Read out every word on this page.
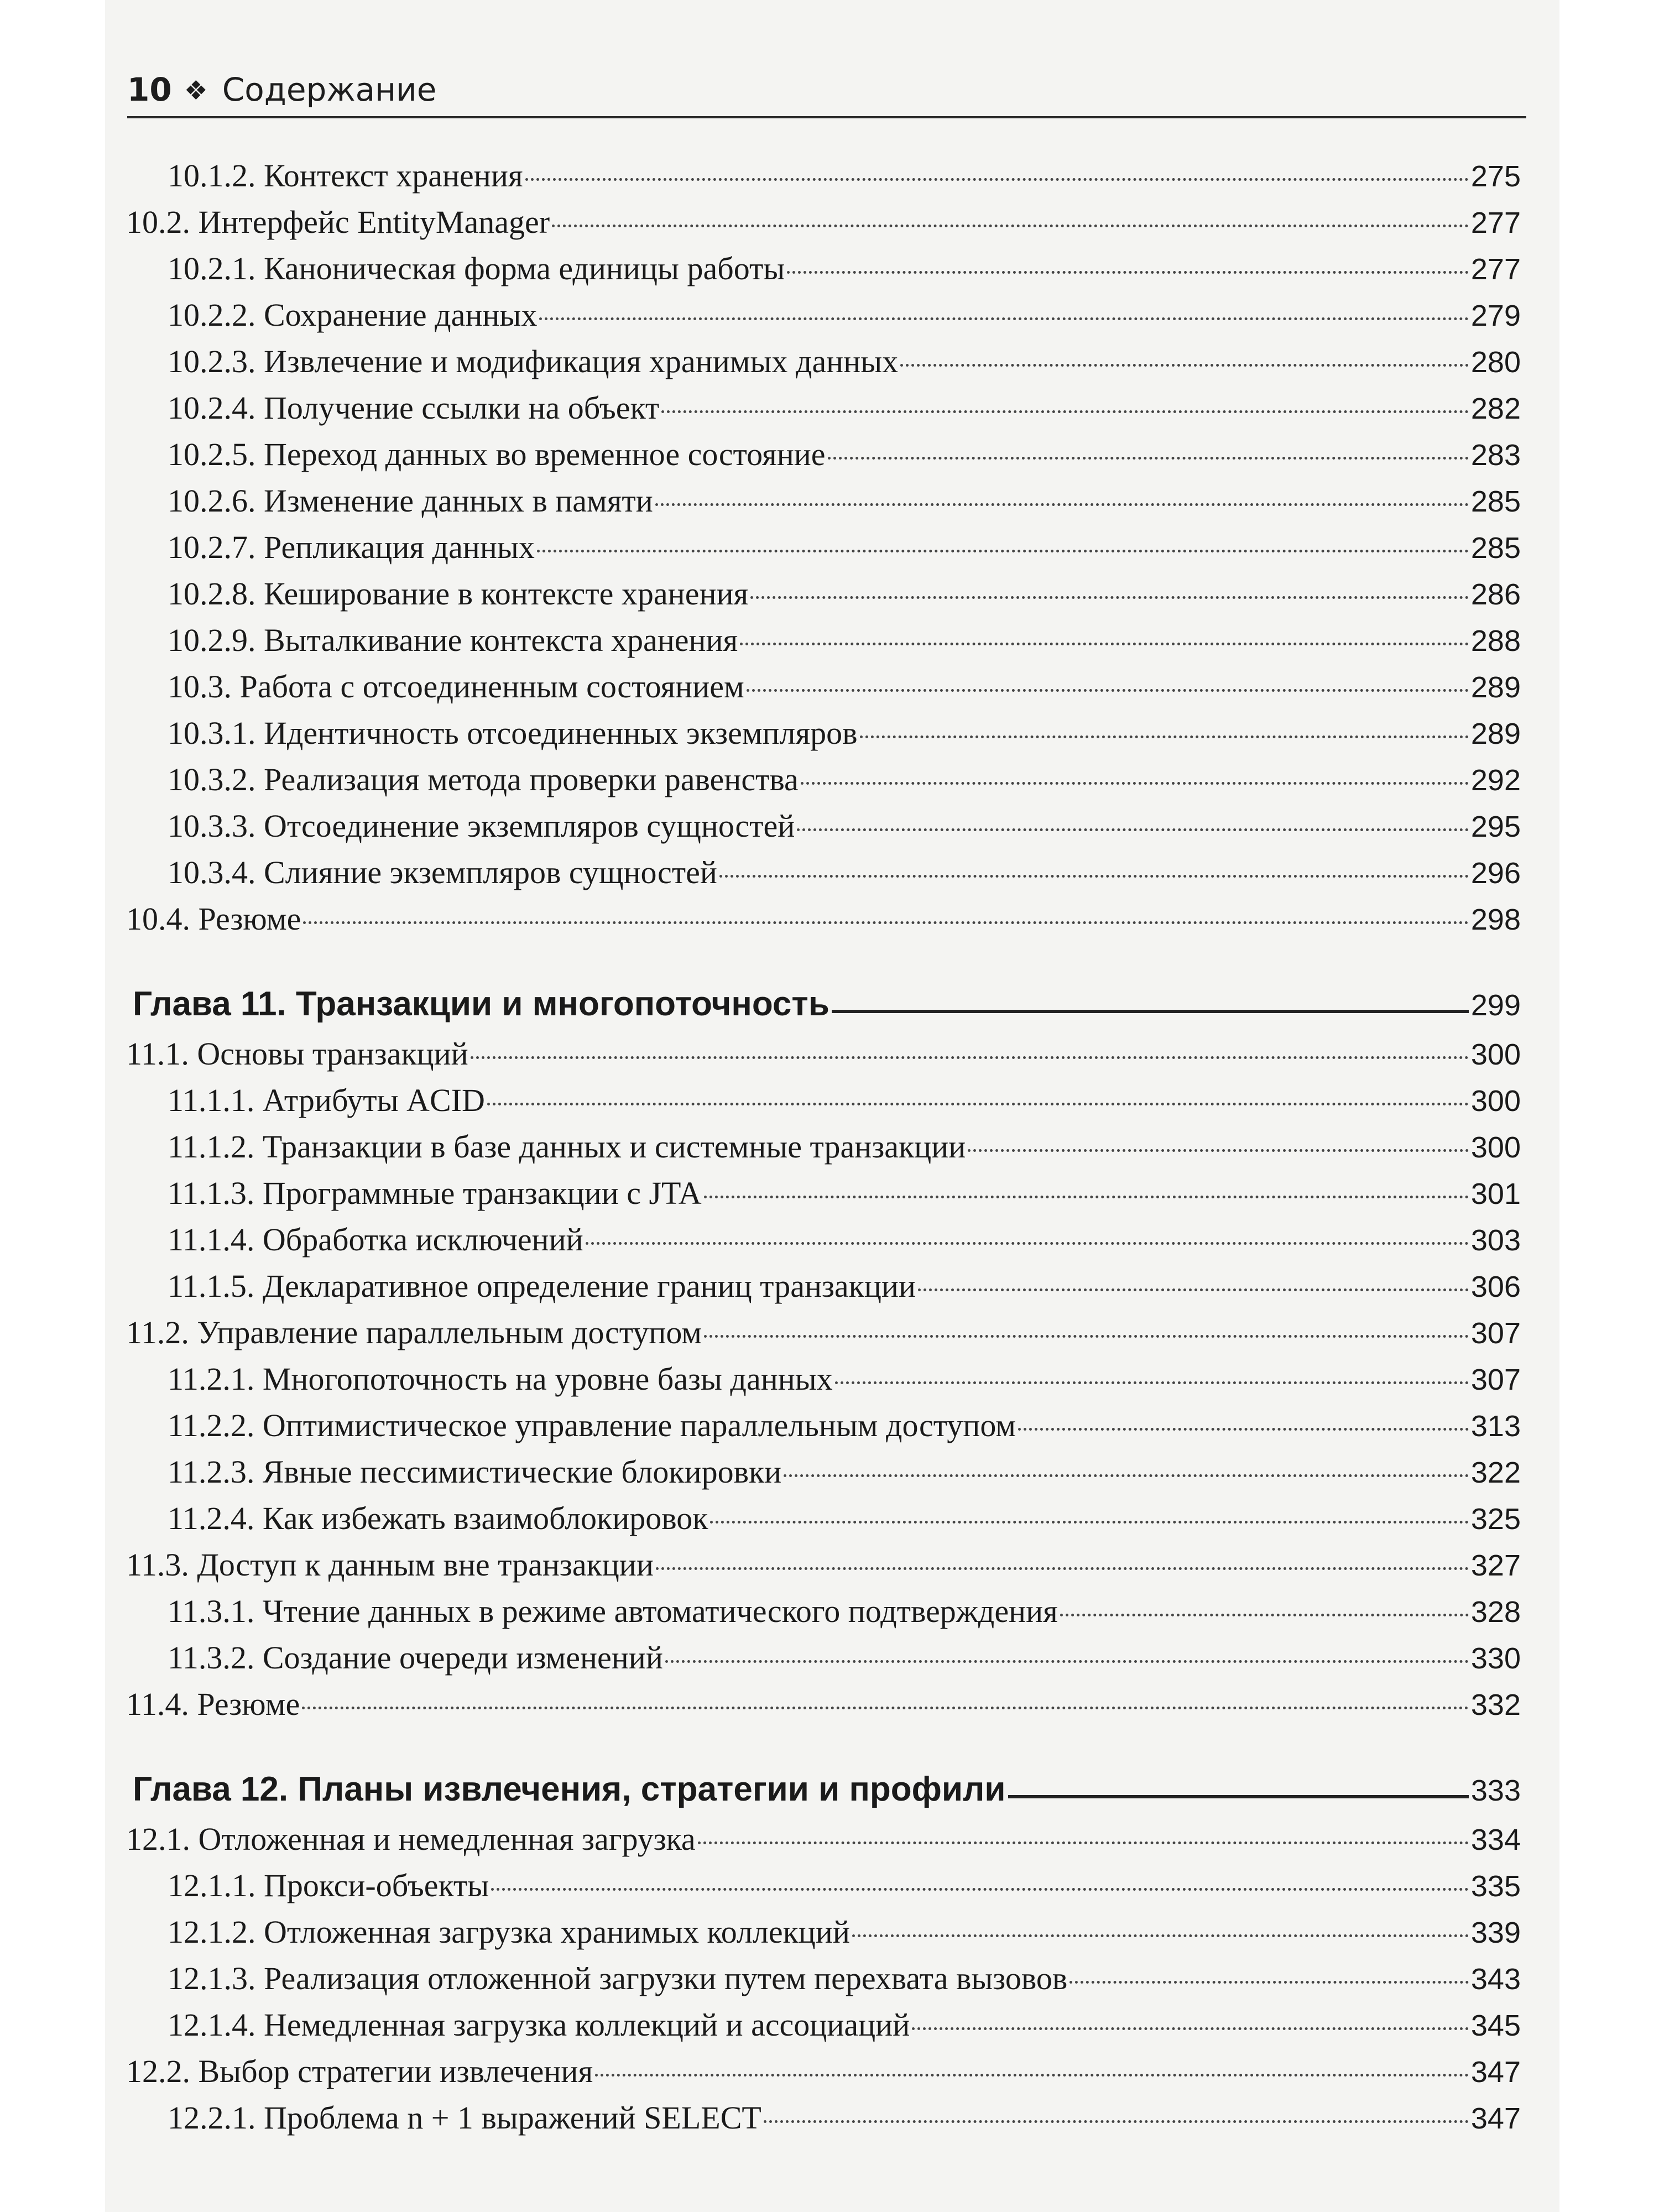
10 ❖ Содержание
10.1.2. Контекст хранения	275
10.2. Интерфейс EntityManager	277
10.2.1. Каноническая форма единицы работы	277
10.2.2. Сохранение данных	279
10.2.3. Извлечение и модификация хранимых данных	280
10.2.4. Получение ссылки на объект	282
10.2.5. Переход данных во временное состояние	283
10.2.6. Изменение данных в памяти	285
10.2.7. Репликация данных	285
10.2.8. Кеширование в контексте хранения	286
10.2.9. Выталкивание контекста хранения	288
10.3. Работа с отсоединенным состоянием	289
10.3.1. Идентичность отсоединенных экземпляров	289
10.3.2. Реализация метода проверки равенства	292
10.3.3. Отсоединение экземпляров сущностей	295
10.3.4. Слияние экземпляров сущностей	296
10.4. Резюме	298
Глава 11. Транзакции и многопоточность	299
11.1. Основы транзакций	300
11.1.1. Атрибуты ACID	300
11.1.2. Транзакции в базе данных и системные транзакции	300
11.1.3. Программные транзакции с JTA	301
11.1.4. Обработка исключений	303
11.1.5. Декларативное определение границ транзакции	306
11.2. Управление параллельным доступом	307
11.2.1. Многопоточность на уровне базы данных	307
11.2.2. Оптимистическое управление параллельным доступом	313
11.2.3. Явные пессимистические блокировки	322
11.2.4. Как избежать взаимоблокировок	325
11.3. Доступ к данным вне транзакции	327
11.3.1. Чтение данных в режиме автоматического подтверждения	328
11.3.2. Создание очереди изменений	330
11.4. Резюме	332
Глава 12. Планы извлечения, стратегии и профили	333
12.1. Отложенная и немедленная загрузка	334
12.1.1. Прокси-объекты	335
12.1.2. Отложенная загрузка хранимых коллекций	339
12.1.3. Реализация отложенной загрузки путем перехвата вызовов	343
12.1.4. Немедленная загрузка коллекций и ассоциаций	345
12.2. Выбор стратегии извлечения	347
12.2.1. Проблема n + 1 выражений SELECT	347
